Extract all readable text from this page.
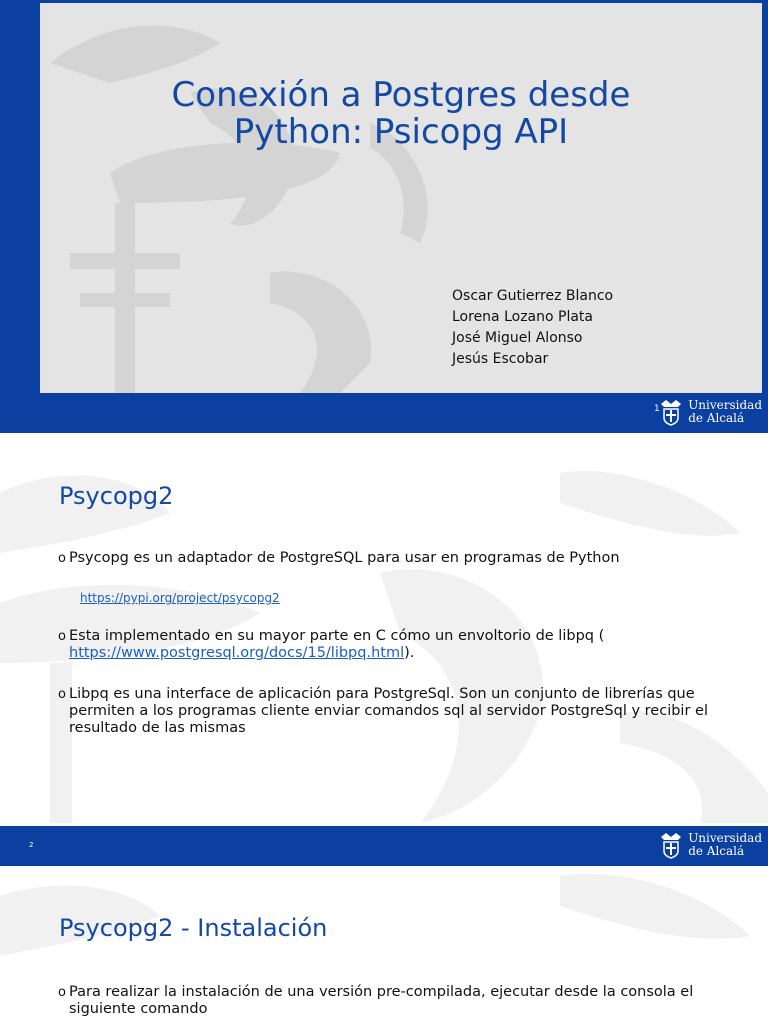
Conexión a Postgres desde
Python: Psicopg API
Oscar Gutierrez Blanco
Lorena Lozano Plata
José Miguel Alonso
Jesús Escobar
1 Universidad
de Alcalá
Psycopg2
o Psycopg es un adaptador de PostgreSQL para usar en programas de Python
https://pypi.org/project/psycopg2
o Esta implementado en su mayor parte en C cómo un envoltorio de libpq ( https://www.postgresql.org/docs/15/libpq.html).
o Libpq es una interface de aplicación para PostgreSql. Son un conjunto de librerías que permiten a los programas cliente enviar comandos sql al servidor PostgreSql y recibir el resultado de las mismas
2	Universidad
de Alcalá
Psycopg2 - Instalación
o Para realizar la instalación de una versión pre-compilada, ejecutar desde la consola el siguiente comando
